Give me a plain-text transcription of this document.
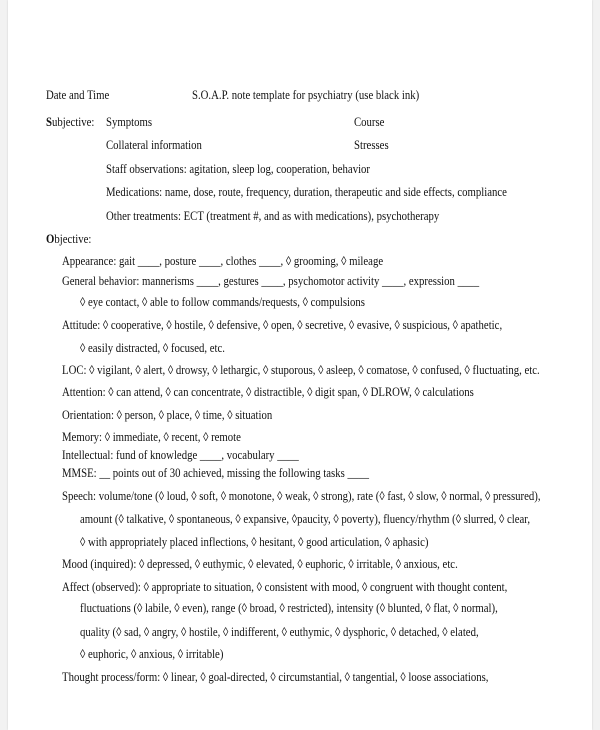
Date and Time	S.O.A.P. note template for psychiatry (use black ink)
Subjective: Symptoms	Course
Collateral information	Stresses
Staff observations: agitation, sleep log, cooperation, behavior
Medications: name, dose, route, frequency, duration, therapeutic and side effects, compliance
Other treatments: ECT (treatment #, and as with medications), psychotherapy
Objective:
Appearance: gait ____, posture ____, clothes ____, ◊ grooming, ◊ mileage
General behavior: mannerisms ____, gestures ____, psychomotor activity ____, expression ____
◊ eye contact, ◊ able to follow commands/requests, ◊ compulsions
Attitude: ◊ cooperative, ◊ hostile, ◊ defensive, ◊ open, ◊ secretive, ◊ evasive, ◊ suspicious, ◊ apathetic,
◊ easily distracted, ◊ focused, etc.
LOC: ◊ vigilant, ◊ alert, ◊ drowsy, ◊ lethargic, ◊ stuporous, ◊ asleep, ◊ comatose, ◊ confused, ◊ fluctuating, etc.
Attention: ◊ can attend, ◊ can concentrate, ◊ distractible, ◊ digit span, ◊ DLROW, ◊ calculations
Orientation: ◊ person, ◊ place, ◊ time, ◊ situation
Memory: ◊ immediate, ◊ recent, ◊ remote
Intellectual: fund of knowledge ____, vocabulary ____
MMSE: __ points out of 30 achieved, missing the following tasks ____
Speech: volume/tone (◊ loud, ◊ soft, ◊ monotone, ◊ weak, ◊ strong), rate (◊ fast, ◊ slow, ◊ normal, ◊ pressured),
amount (◊ talkative, ◊ spontaneous, ◊ expansive, ◊paucity, ◊ poverty), fluency/rhythm (◊ slurred, ◊ clear,
◊ with appropriately placed inflections, ◊ hesitant, ◊ good articulation, ◊ aphasic)
Mood (inquired): ◊ depressed, ◊ euthymic, ◊ elevated, ◊ euphoric, ◊ irritable, ◊ anxious, etc.
Affect (observed): ◊ appropriate to situation, ◊ consistent with mood, ◊ congruent with thought content,
fluctuations (◊ labile, ◊ even), range (◊ broad, ◊ restricted), intensity (◊ blunted, ◊ flat, ◊ normal),
quality (◊ sad, ◊ angry, ◊ hostile, ◊ indifferent, ◊ euthymic, ◊ dysphoric, ◊ detached, ◊ elated,
◊ euphoric, ◊ anxious, ◊ irritable)
Thought process/form: ◊ linear, ◊ goal-directed, ◊ circumstantial, ◊ tangential, ◊ loose associations,
